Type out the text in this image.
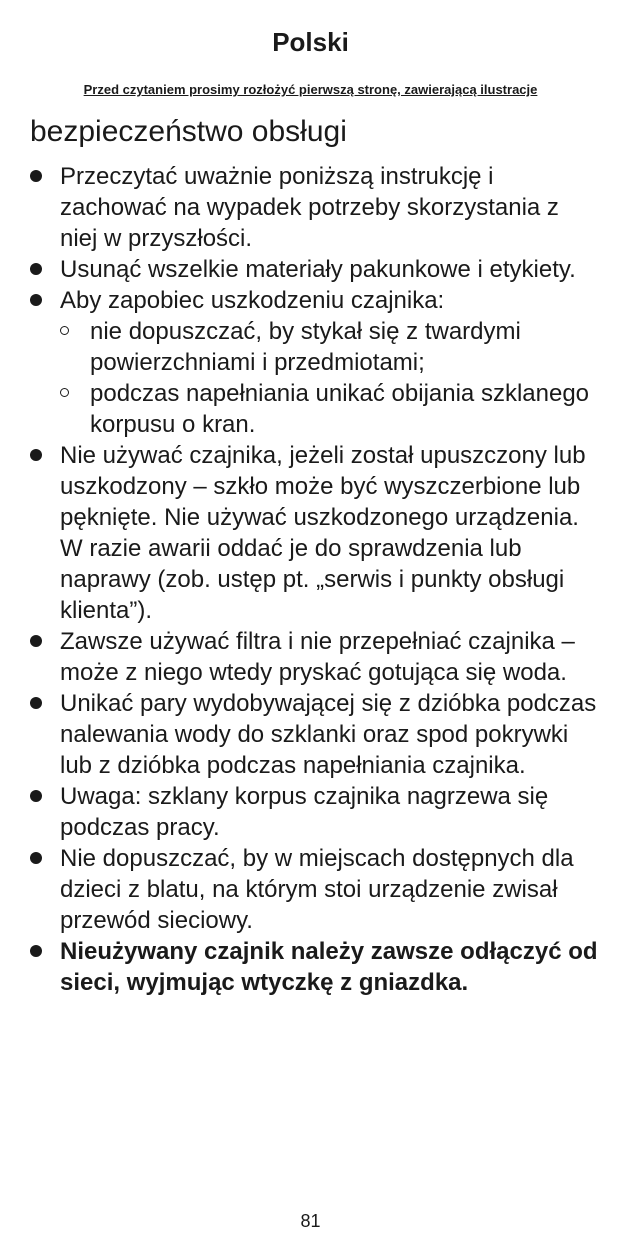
Polski
Przed czytaniem prosimy rozłożyć pierwszą stronę, zawierającą ilustracje
bezpieczeństwo obsługi
Przeczytać uważnie poniższą instrukcję i zachować na wypadek potrzeby skorzystania z niej w przyszłości.
Usunąć wszelkie materiały pakunkowe i etykiety.
Aby zapobiec uszkodzeniu czajnika:
nie dopuszczać, by stykał się z twardymi powierzchniami i przedmiotami;
podczas napełniania unikać obijania szklanego korpusu o kran.
Nie używać czajnika, jeżeli został upuszczony lub uszkodzony – szkło może być wyszczerbione lub pęknięte. Nie używać uszkodzonego urządzenia. W razie awarii oddać je do sprawdzenia lub naprawy (zob. ustęp pt. „serwis i punkty obsługi klienta”).
Zawsze używać filtra i nie przepełniać czajnika – może z niego wtedy pryskać gotująca się woda.
Unikać pary wydobywającej się z dzióbka podczas nalewania wody do szklanki oraz spod pokrywki lub z dzióbka podczas napełniania czajnika.
Uwaga: szklany korpus czajnika nagrzewa się podczas pracy.
Nie dopuszczać, by w miejscach dostępnych dla dzieci z blatu, na którym stoi urządzenie zwisał przewód sieciowy.
Nieużywany czajnik należy zawsze odłączyć od sieci, wyjmując wtyczkę z gniazdka.
81
